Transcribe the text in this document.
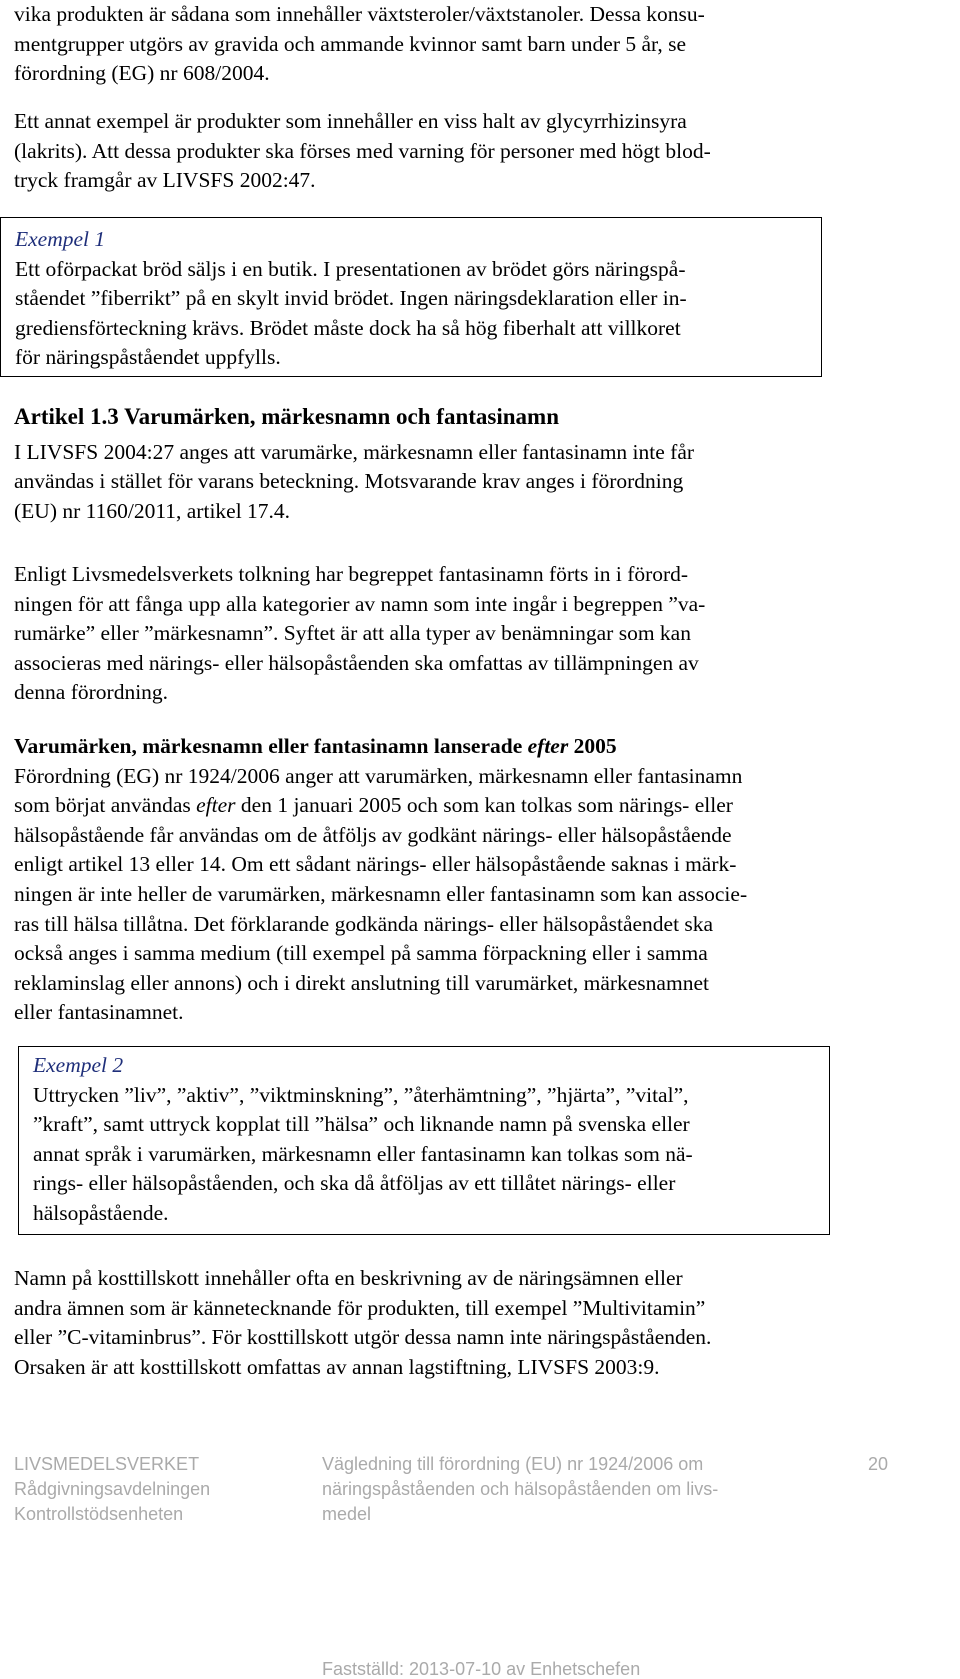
vika produkten är sådana som innehåller växtsteroler/växtstanoler. Dessa konsu-
mentgrupper utgörs av gravida och ammande kvinnor samt barn under 5 år, se
förordning (EG) nr 608/2004.
Ett annat exempel är produkter som innehåller en viss halt av glycyrrhizinsyra
(lakrits). Att dessa produkter ska förses med varning för personer med högt blod-
tryck framgår av LIVSFS 2002:47.
Exempel 1
Ett oförpackat bröd säljs i en butik. I presentationen av brödet görs näringspå-
ståendet ”fiberrikt” på en skylt invid brödet. Ingen näringsdeklaration eller in-
grediensförteckning krävs. Brödet måste dock ha så hög fiberhalt att villkoret
för näringspåståendet uppfylls.
Artikel 1.3 Varumärken, märkesnamn och fantasinamn
I LIVSFS 2004:27 anges att varumärke, märkesnamn eller fantasinamn inte får
användas i stället för varans beteckning. Motsvarande krav anges i förordning
(EU) nr 1160/2011, artikel 17.4.
Enligt Livsmedelsverkets tolkning har begreppet fantasinamn förts in i förord-
ningen för att fånga upp alla kategorier av namn som inte ingår i begreppen ”va-
rumärke” eller ”märkesnamn”. Syftet är att alla typer av benämningar som kan
associeras med närings- eller hälsopåståenden ska omfattas av tillämpningen av
denna förordning.
Varumärken, märkesnamn eller fantasinamn lanserade efter 2005
Förordning (EG) nr 1924/2006 anger att varumärken, märkesnamn eller fantasinamn
som börjat användas efter den 1 januari 2005 och som kan tolkas som närings- eller
hälsopåstående får användas om de åtföljs av godkänt närings- eller hälsopåstående
enligt artikel 13 eller 14. Om ett sådant närings- eller hälsopåstående saknas i märk-
ningen är inte heller de varumärken, märkesnamn eller fantasinamn som kan associe-
ras till hälsa tillåtna. Det förklarande godkända närings- eller hälsopåståendet ska
också anges i samma medium (till exempel på samma förpackning eller i samma
reklaminslag eller annons) och i direkt anslutning till varumärket, märkesnamnet
eller fantasinamnet.
Exempel 2
Uttrycken ”liv”, ”aktiv”, ”viktminskning”, ”återhämtning”, ”hjärta”, ”vital”,
”kraft”, samt uttryck kopplat till ”hälsa” och liknande namn på svenska eller
annat språk i varumärken, märkesnamn eller fantasinamn kan tolkas som nä-
rings- eller hälsopåståenden, och ska då åtföljas av ett tillåtet närings- eller
hälsopåstående.
Namn på kosttillskott innehåller ofta en beskrivning av de näringsämnen eller
andra ämnen som är kännetecknande för produkten, till exempel ”Multivitamin”
eller ”C-vitaminbrus”. För kosttillskott utgör dessa namn inte näringspåståenden.
Orsaken är att kosttillskott omfattas av annan lagstiftning, LIVSFS 2003:9.
LIVSMEDELSVERKET
Rådgivningsavdelningen
Kontrollstödsenheten
Vägledning till förordning (EU) nr 1924/2006 om
näringspåståenden och hälsopåståenden om livs-
medel
20
Fastställd: 2013-07-10 av Enhetschefen
